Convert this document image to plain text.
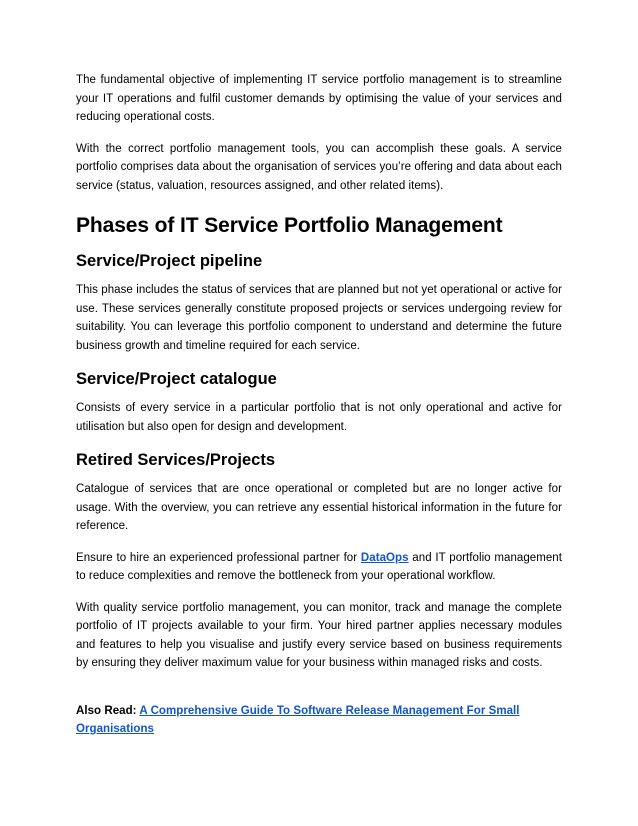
The fundamental objective of implementing IT service portfolio management is to streamline your IT operations and fulfil customer demands by optimising the value of your services and reducing operational costs.

With the correct portfolio management tools, you can accomplish these goals. A service portfolio comprises data about the organisation of services you’re offering and data about each service (status, valuation, resources assigned, and other related items).

Phases of IT Service Portfolio Management
Service/Project pipeline

This phase includes the status of services that are planned but not yet operational or active for use. These services generally constitute proposed projects or services undergoing review for suitability. You can leverage this portfolio component to understand and determine the future business growth and timeline required for each service.

Service/Project catalogue

Consists of every service in a particular portfolio that is not only operational and active for utilisation but also open for design and development.

Retired Services/Projects

Catalogue of services that are once operational or completed but are no longer active for usage. With the overview, you can retrieve any essential historical information in the future for reference.

Ensure to hire an experienced professional partner for DataOps and IT portfolio management to reduce complexities and remove the bottleneck from your operational workflow.

With quality service portfolio management, you can monitor, track and manage the complete portfolio of IT projects available to your firm. Your hired partner applies necessary modules and features to help you visualise and justify every service based on business requirements by ensuring they deliver maximum value for your business within managed risks and costs.

Also Read: A Comprehensive Guide To Software Release Management For Small Organisations
